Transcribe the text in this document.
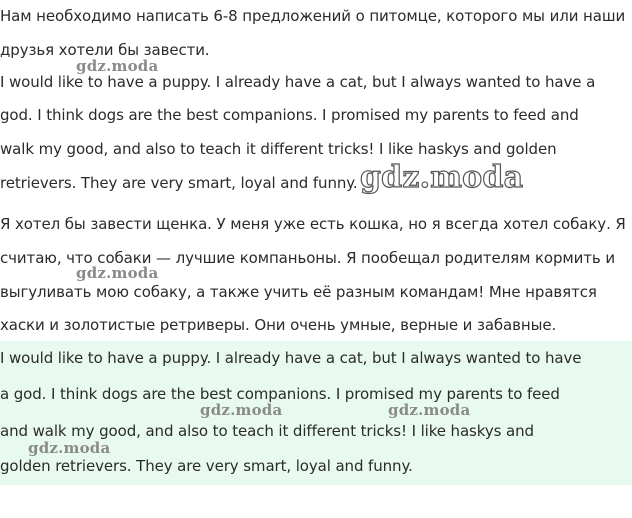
Нам необходимо написать 6-8 предложений о питомце, которого мы или наши
друзья хотели бы завести.
I would like to have a puppy. I already have a cat, but I always wanted to have a
god. I think dogs are the best companions. I promised my parents to feed and
walk my good, and also to teach it different tricks! I like haskys and golden
retrievers. They are very smart, loyal and funny.
Я хотел бы завести щенка. У меня уже есть кошка, но я всегда хотел собаку. Я
считаю, что собаки — лучшие компаньоны. Я пообещал родителям кормить и
выгуливать мою собаку, а также учить её разным командам! Мне нравятся
хаски и золотистые ретриверы. Они очень умные, верные и забавные.
I would like to have a puppy. I already have a cat, but I always wanted to have
a god. I think dogs are the best companions. I promised my parents to feed
and walk my good, and also to teach it different tricks! I like haskys and
golden retrievers. They are very smart, loyal and funny.
gdz.moda
gdz.moda
gdz.moda
gdz.moda	gdz.moda
gdz.moda
